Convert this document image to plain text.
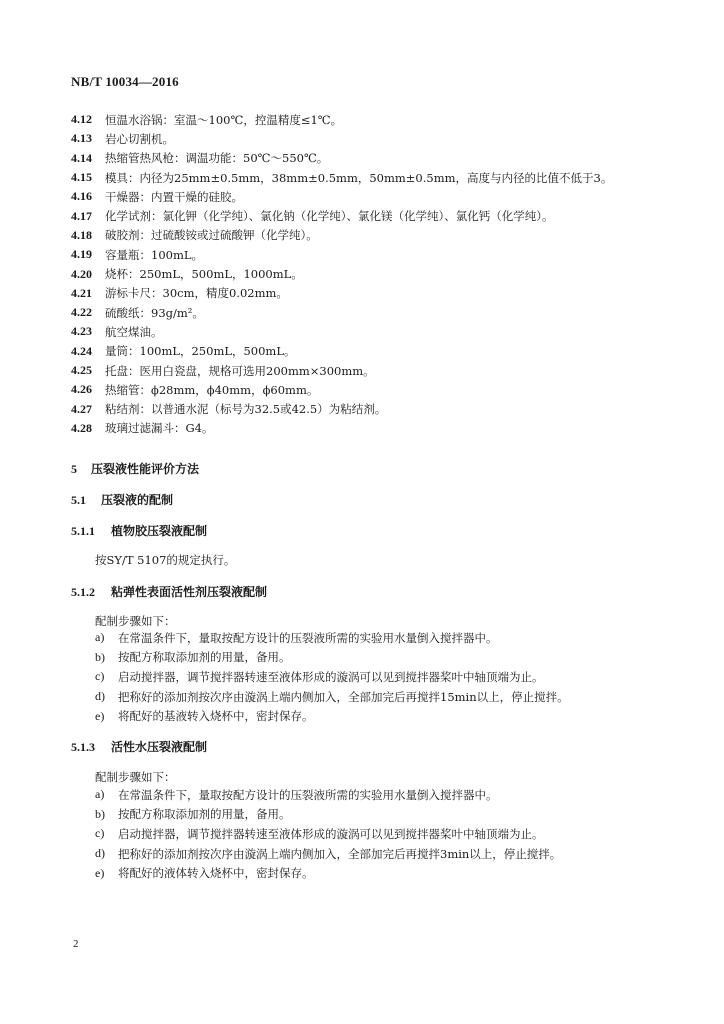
NB/T 10034—2016
4.12	恒温水浴锅：室温～100℃，控温精度≤1℃。
4.13	岩心切割机。
4.14	热缩管热风枪：调温功能：50℃～550℃。
4.15	模具：内径为25mm±0.5mm，38mm±0.5mm，50mm±0.5mm，高度与内径的比值不低于3。
4.16	干燥器：内置干燥的硅胶。
4.17	化学试剂：氯化钾（化学纯）、氯化钠（化学纯）、氯化镁（化学纯）、氯化钙（化学纯）。
4.18	破胶剂：过硫酸铵或过硫酸钾（化学纯）。
4.19	容量瓶：100mL。
4.20	烧杯：250mL，500mL，1000mL。
4.21	游标卡尺：30cm，精度0.02mm。
4.22	硫酸纸：93g/m²。
4.23	航空煤油。
4.24	量筒：100mL，250mL，500mL。
4.25	托盘：医用白瓷盘，规格可选用200mm×300mm。
4.26	热缩管：ϕ28mm，ϕ40mm，ϕ60mm。
4.27	粘结剂：以普通水泥（标号为32.5或42.5）为粘结剂。
4.28	玻璃过滤漏斗：G4。
5 压裂液性能评价方法
5.1 压裂液的配制
5.1.1 植物胶压裂液配制
按SY/T 5107的规定执行。
5.1.2 粘弹性表面活性剂压裂液配制
配制步骤如下：
a)	在常温条件下，量取按配方设计的压裂液所需的实验用水量倒入搅拌器中。
b)	按配方称取添加剂的用量，备用。
c)	启动搅拌器，调节搅拌器转速至液体形成的漩涡可以见到搅拌器桨叶中轴顶端为止。
d)	把称好的添加剂按次序由漩涡上端内侧加入，全部加完后再搅拌15min以上，停止搅拌。
e)	将配好的基液转入烧杯中，密封保存。
5.1.3 活性水压裂液配制
配制步骤如下：
a)	在常温条件下，量取按配方设计的压裂液所需的实验用水量倒入搅拌器中。
b)	按配方称取添加剂的用量，备用。
c)	启动搅拌器，调节搅拌器转速至液体形成的漩涡可以见到搅拌器桨叶中轴顶端为止。
d)	把称好的添加剂按次序由漩涡上端内侧加入，全部加完后再搅拌3min以上，停止搅拌。
e)	将配好的液体转入烧杯中，密封保存。
2
